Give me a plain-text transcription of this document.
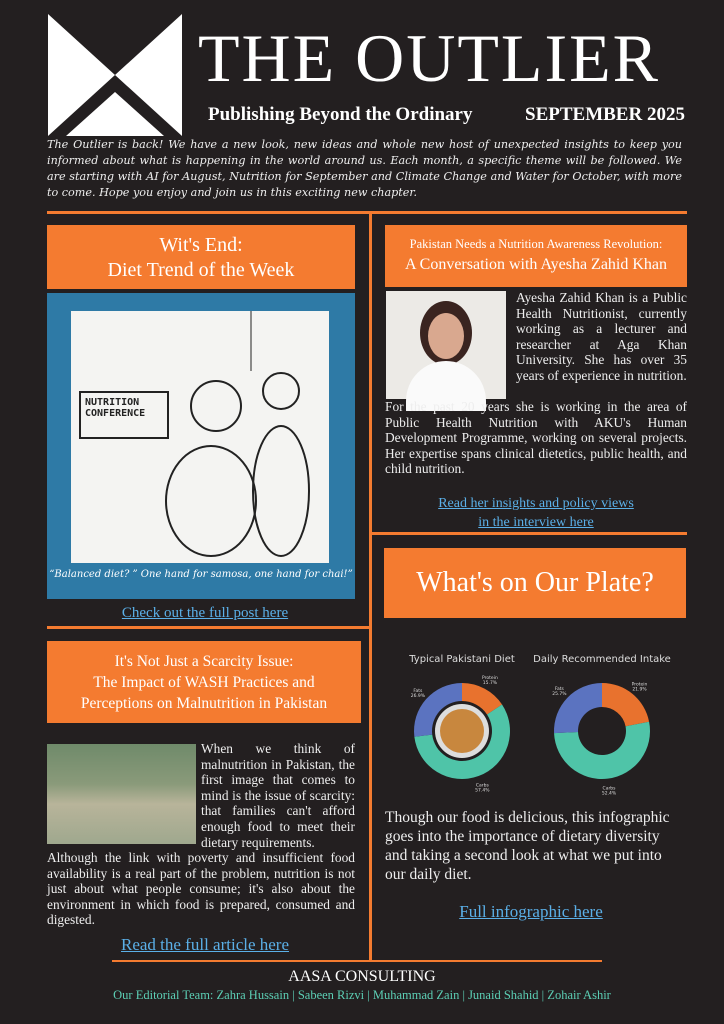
THE OUTLIER
Publishing Beyond the Ordinary	SEPTEMBER 2025
The Outlier is back! We have a new look, new ideas and whole new host of unexpected insights to keep you informed about what is happening in the world around us. Each month, a specific theme will be followed. We are starting with AI for August, Nutrition for September and Climate Change and Water for October, with more to come. Hope you enjoy and join us in this exciting new chapter.
Wit's End:
Diet Trend of the Week
NUTRITION CONFERENCE
“Balanced diet? ” One hand for samosa, one hand for chai!”
Check out the full post here
Pakistan Needs a Nutrition Awareness Revolution:
A Conversation with Ayesha Zahid Khan
Ayesha Zahid Khan is a Public Health Nutritionist, currently working as a lecturer and researcher at Aga Khan University. She has over 35 years of experience in nutrition.
For the past 20 years she is working in the area of Public Health Nutrition with AKU's Human Development Programme, working on several projects. Her expertise spans clinical dietetics, public health, and child nutrition.
Read her insights and policy views
in the interview here
What's on Our Plate?
Typical Pakistani Diet
Protein 15.7%
Carbs 57.4%
Fats 26.9%
Daily Recommended Intake
Protein 21.9%
Carbs 52.4%
Fats 25.7%
Though our food is delicious, this infographic goes into the importance of dietary diversity and taking a second look at what we put into our daily diet.
Full infographic here
It's Not Just a Scarcity Issue:
The Impact of WASH Practices and
Perceptions on Malnutrition in Pakistan
When we think of malnutrition in Pakistan, the first image that comes to mind is the issue of scarcity: that families can't afford enough food to meet their dietary requirements.
Although the link with poverty and insufficient food availability is a real part of the problem, nutrition is not just about what people consume; it's also about the environment in which food is prepared, consumed and digested.
Read the full article here
AASA CONSULTING
Our Editorial Team: Zahra Hussain | Sabeen Rizvi | Muhammad Zain | Junaid Shahid | Zohair Ashir
